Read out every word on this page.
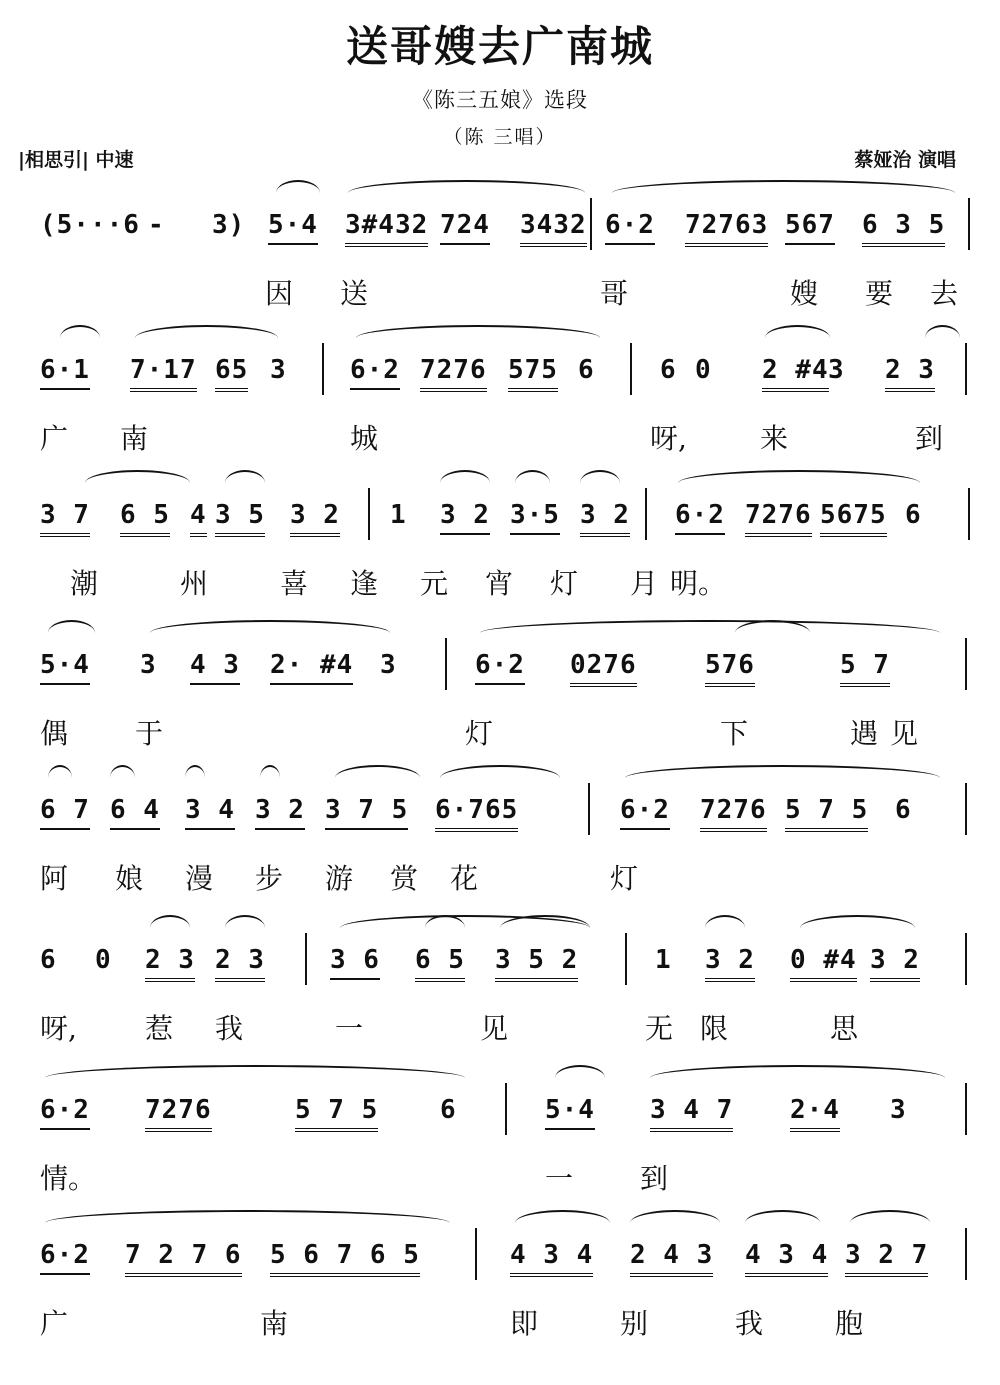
送哥嫂去广南城
《陈三五娘》选段
（陈 三唱）
|相思引| 中速	蔡娅治 演唱
(5···6 - 3) 5·4 3#432 724 3432 6·2 72763 567 6 3 5
因 送	哥	嫂 要 去
6·1 7·17 65 3 6·2 7276 575 6	6 0 2 #4 3 2 3
广 南	城	呀,	来	到
3 7 6 5 4 3 5 3 2 1 3 2 3·5 3 2 6·2 7276 5675 6
潮	州	喜 逢 元 宵 灯 月 明。
5·4 3 4 3 2· #4 3	6·2 0276	576	5 7
偶 于	灯	下	遇 见
6 7 6 4 3 4 3 2 3 7 5 6·765	6·2 7276 5 7 5 6
阿 娘 漫 步 游 赏 花	灯
6 0 2 3 2 3	3 6 6 5 3 5 2	1 3 2 0 #4 3 2
呀, 惹 我	一	见	无 限	思
6·2 7276	5 7 5 6	5·4 3 4 7 2·4 3
情。	一 到
6·2 7 2 7 6 5 6 7 6 5	4 3 4 2 4 3 4 3 4 3 2 7
广	南	即	别	我	胞
